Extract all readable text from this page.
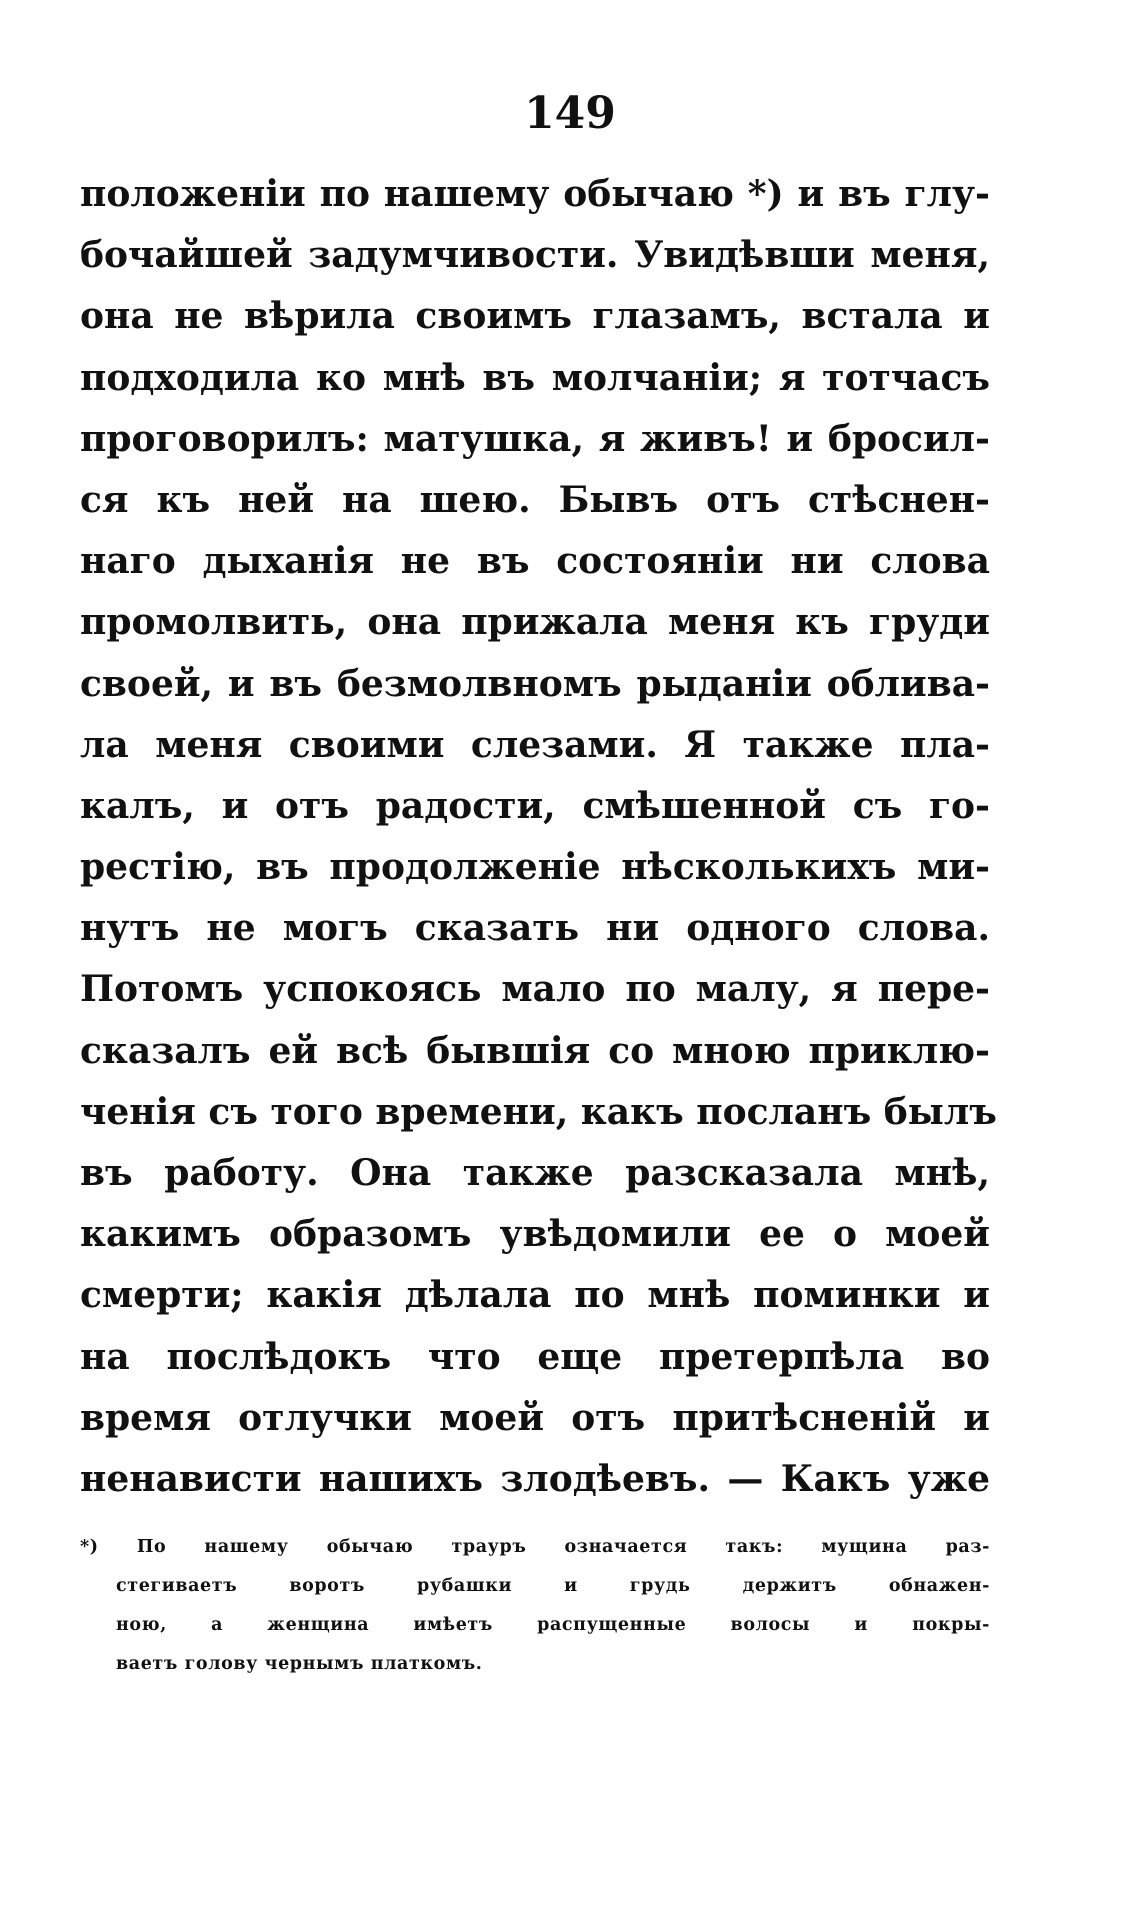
149
положеніи по нашему обычаю *) и въ глу-
бочайшей задумчивости. Увидѣвши меня,
она не вѣрила своимъ глазамъ, встала и
подходила ко мнѣ въ молчаніи; я тотчасъ
проговорилъ: матушка, я живъ! и бросил-
ся къ ней на шею. Бывъ отъ стѣснен-
наго дыханія не въ состояніи ни слова
промолвить, она прижала меня къ груди
своей, и въ безмолвномъ рыданіи облива-
ла меня своими слезами. Я также пла-
калъ, и отъ радости, смѣшенной съ го-
рестію, въ продолженіе нѣсколькихъ ми-
нутъ не могъ сказать ни одного слова.
Потомъ успокоясь мало по малу, я пере-
сказалъ ей всѣ бывшія со мною приклю-
ченія съ того времени, какъ посланъ былъ
въ работу. Она также разсказала мнѣ,
какимъ образомъ увѣдомили ее о моей
смерти; какія дѣлала по мнѣ поминки и
на послѣдокъ что еще претерпѣла во
время отлучки моей отъ притѣсненій и
ненависти нашихъ злодѣевъ. — Какъ уже
*) По нашему обычаю трауръ означается такъ: мущина раз-
стегиваетъ воротъ рубашки и грудь держитъ обнажен-
ною, а женщина имѣетъ распущенные волосы и покры-
ваетъ голову чернымъ платкомъ.
